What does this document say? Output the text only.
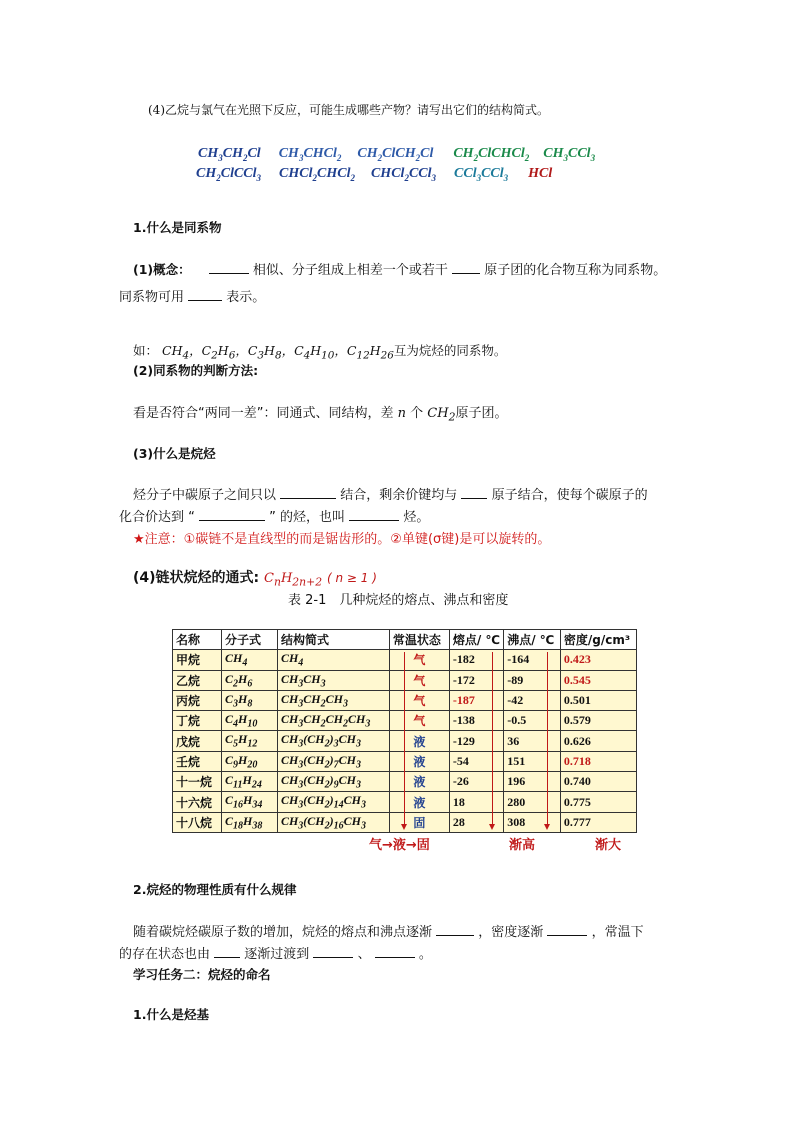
(4)乙烷与氯气在光照下反应，可能生成哪些产物？请写出它们的结构简式。
$CH_3CH_2Cl$ $CH_3CHCl_2$ $CH_2ClCH_2Cl$ $CH_2ClCHCl_2$ $CH_3CCl_3$
$CH_2ClCCl_3$ CHCl$_2$CHCl$_2$ CHCl$_2$CCl$_3$ CCl$_3$CCl$_3$ HCl
1.什么是同系物
(1)概念：	相似、分子组成上相差一个或若干	原子团的化合物互称为同系物。
同系物可用	表示。
如： $CH_4$，$C_2H_6$，$C_3H_8$，$C_4H_{10}$，$C_{12}H_{26}$互为烷烃的同系物。
(2)同系物的判断方法:
看是否符合“两同一差”：同通式、同结构，差 n 个 $CH_2$原子团。
(3)什么是烷烃
烃分子中碳原子之间只以	结合，剩余价键均与	原子结合，使每个碳原子的
化合价达到 “	” 的烃，也叫	烃。
★注意：①碳链不是直线型的而是锯齿形的。②单键(σ键)是可以旋转的。
(4)链状烷烃的通式: $C_nH_{2n+2}$ ( n ≥ 1 )
表 2-1　几种烷烃的熔点、沸点和密度
名称	分子式	结构简式	常温状态	熔点/ ℃	沸点/ ℃	密度/g/cm³
甲烷	$CH_4$	$CH_4$	气	-182	-164	0.423
乙烷	$C_2H_6$	$CH_3CH_3$	气	-172	-89	0.545
丙烷	$C_3H_8$	$CH_3CH_2CH_3$	气	-187	-42	0.501
丁烷	$C_4H_{10}$	$CH_3CH_2CH_2CH_3$	气	-138	-0.5	0.579
戊烷	$C_5H_{12}$	$CH_3(CH_2)_3CH_3$	液	-129	36	0.626
壬烷	$C_9H_{20}$	$CH_3(CH_2)_7CH_3$	液	-54	151	0.718
十一烷	$C_{11}H_{24}$	$CH_3(CH_2)_9CH_3$	液	-26	196	0.740
十六烷	$C_{16}H_{34}$	$CH_3(CH_2)_{14}CH_3$	液	18	280	0.775
十八烷	$C_{18}H_{38}$	$CH_3(CH_2)_{16}CH_3$	固	28	308	0.777
气→液→固	渐高	渐大
2.烷烃的物理性质有什么规律
随着碳烷烃碳原子数的增加，烷烃的熔点和沸点逐渐	，密度逐渐	，常温下
的存在状态也由	逐渐过渡到	、	。
学习任务二：烷烃的命名
1.什么是烃基
